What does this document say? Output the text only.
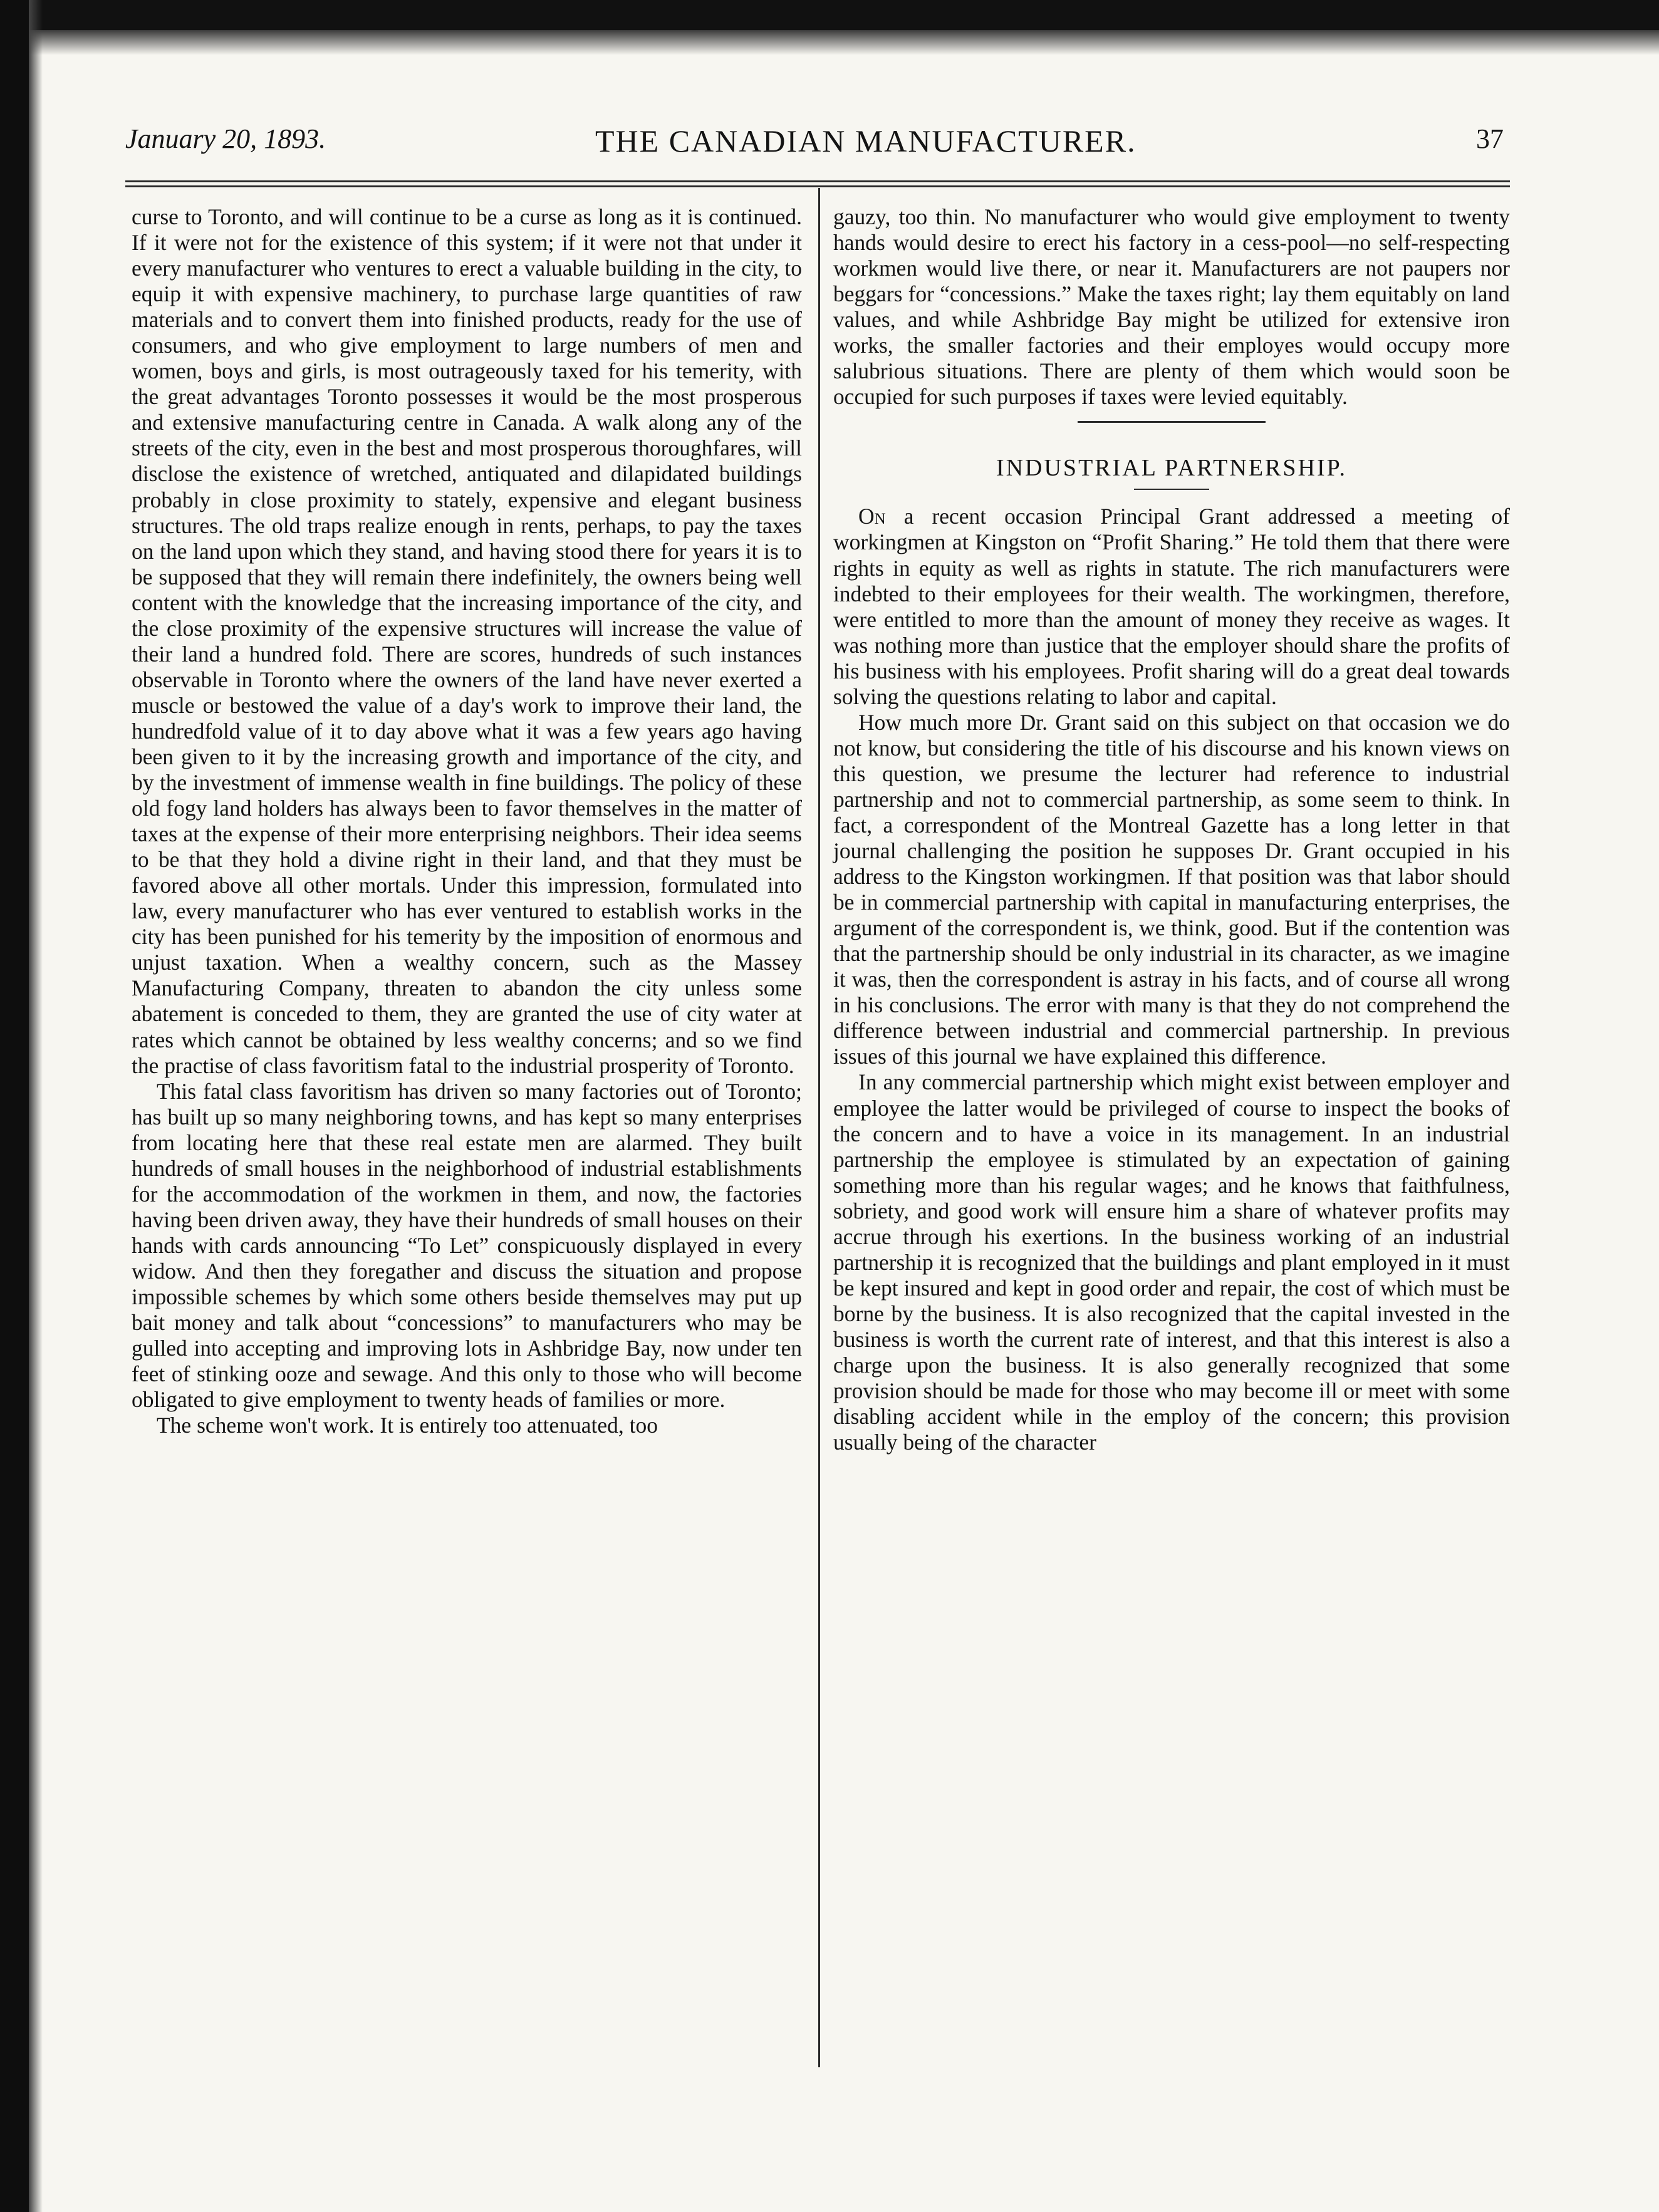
January 20, 1893.	THE CANADIAN MANUFACTURER.	37

curse to Toronto, and will continue to be a curse as long as it is continued. If it were not for the existence of this system; if it were not that under it every manufacturer who ventures to erect a valuable building in the city, to equip it with expensive machinery, to purchase large quantities of raw materials and to convert them into finished products, ready for the use of consumers, and who give employment to large numbers of men and women, boys and girls, is most outrageously taxed for his temerity, with the great advantages Toronto possesses it would be the most prosperous and extensive manufacturing centre in Canada. A walk along any of the streets of the city, even in the best and most prosperous thoroughfares, will disclose the existence of wretched, antiquated and dilapidated buildings probably in close proximity to stately, expensive and elegant business structures. The old traps realize enough in rents, perhaps, to pay the taxes on the land upon which they stand, and having stood there for years it is to be supposed that they will remain there indefinitely, the owners being well content with the knowledge that the increasing importance of the city, and the close proximity of the expensive structures will increase the value of their land a hundred fold. There are scores, hundreds of such instances observable in Toronto where the owners of the land have never exerted a muscle or bestowed the value of a day's work to improve their land, the hundredfold value of it to day above what it was a few years ago having been given to it by the increasing growth and importance of the city, and by the investment of immense wealth in fine buildings. The policy of these old fogy land holders has always been to favor themselves in the matter of taxes at the expense of their more enterprising neighbors. Their idea seems to be that they hold a divine right in their land, and that they must be favored above all other mortals. Under this impression, formulated into law, every manufacturer who has ever ventured to establish works in the city has been punished for his temerity by the imposition of enormous and unjust taxation. When a wealthy concern, such as the Massey Manufacturing Company, threaten to abandon the city unless some abatement is conceded to them, they are granted the use of city water at rates which cannot be obtained by less wealthy concerns; and so we find the practise of class favoritism fatal to the industrial prosperity of Toronto.

This fatal class favoritism has driven so many factories out of Toronto; has built up so many neighboring towns, and has kept so many enterprises from locating here that these real estate men are alarmed. They built hundreds of small houses in the neighborhood of industrial establishments for the accommodation of the workmen in them, and now, the factories having been driven away, they have their hundreds of small houses on their hands with cards announcing “To Let” conspicuously displayed in every widow. And then they foregather and discuss the situation and propose impossible schemes by which some others beside themselves may put up bait money and talk about “concessions” to manufacturers who may be gulled into accepting and improving lots in Ashbridge Bay, now under ten feet of stinking ooze and sewage. And this only to those who will become obligated to give employment to twenty heads of families or more.

The scheme won't work. It is entirely too attenuated, too

gauzy, too thin. No manufacturer who would give employment to twenty hands would desire to erect his factory in a cess-pool—no self-respecting workmen would live there, or near it. Manufacturers are not paupers nor beggars for “concessions.” Make the taxes right; lay them equitably on land values, and while Ashbridge Bay might be utilized for extensive iron works, the smaller factories and their employes would occupy more salubrious situations. There are plenty of them which would soon be occupied for such purposes if taxes were levied equitably.

INDUSTRIAL PARTNERSHIP.

On a recent occasion Principal Grant addressed a meeting of workingmen at Kingston on “Profit Sharing.” He told them that there were rights in equity as well as rights in statute. The rich manufacturers were indebted to their employees for their wealth. The workingmen, therefore, were entitled to more than the amount of money they receive as wages. It was nothing more than justice that the employer should share the profits of his business with his employees. Profit sharing will do a great deal towards solving the questions relating to labor and capital.

How much more Dr. Grant said on this subject on that occasion we do not know, but considering the title of his discourse and his known views on this question, we presume the lecturer had reference to industrial partnership and not to commercial partnership, as some seem to think. In fact, a correspondent of the Montreal Gazette has a long letter in that journal challenging the position he supposes Dr. Grant occupied in his address to the Kingston workingmen. If that position was that labor should be in commercial partnership with capital in manufacturing enterprises, the argument of the correspondent is, we think, good. But if the contention was that the partnership should be only industrial in its character, as we imagine it was, then the correspondent is astray in his facts, and of course all wrong in his conclusions. The error with many is that they do not comprehend the difference between industrial and commercial partnership. In previous issues of this journal we have explained this difference.

In any commercial partnership which might exist between employer and employee the latter would be privileged of course to inspect the books of the concern and to have a voice in its management. In an industrial partnership the employee is stimulated by an expectation of gaining something more than his regular wages; and he knows that faithfulness, sobriety, and good work will ensure him a share of whatever profits may accrue through his exertions. In the business working of an industrial partnership it is recognized that the buildings and plant employed in it must be kept insured and kept in good order and repair, the cost of which must be borne by the business. It is also recognized that the capital invested in the business is worth the current rate of interest, and that this interest is also a charge upon the business. It is also generally recognized that some provision should be made for those who may become ill or meet with some disabling accident while in the employ of the concern; this provision usually being of the character
